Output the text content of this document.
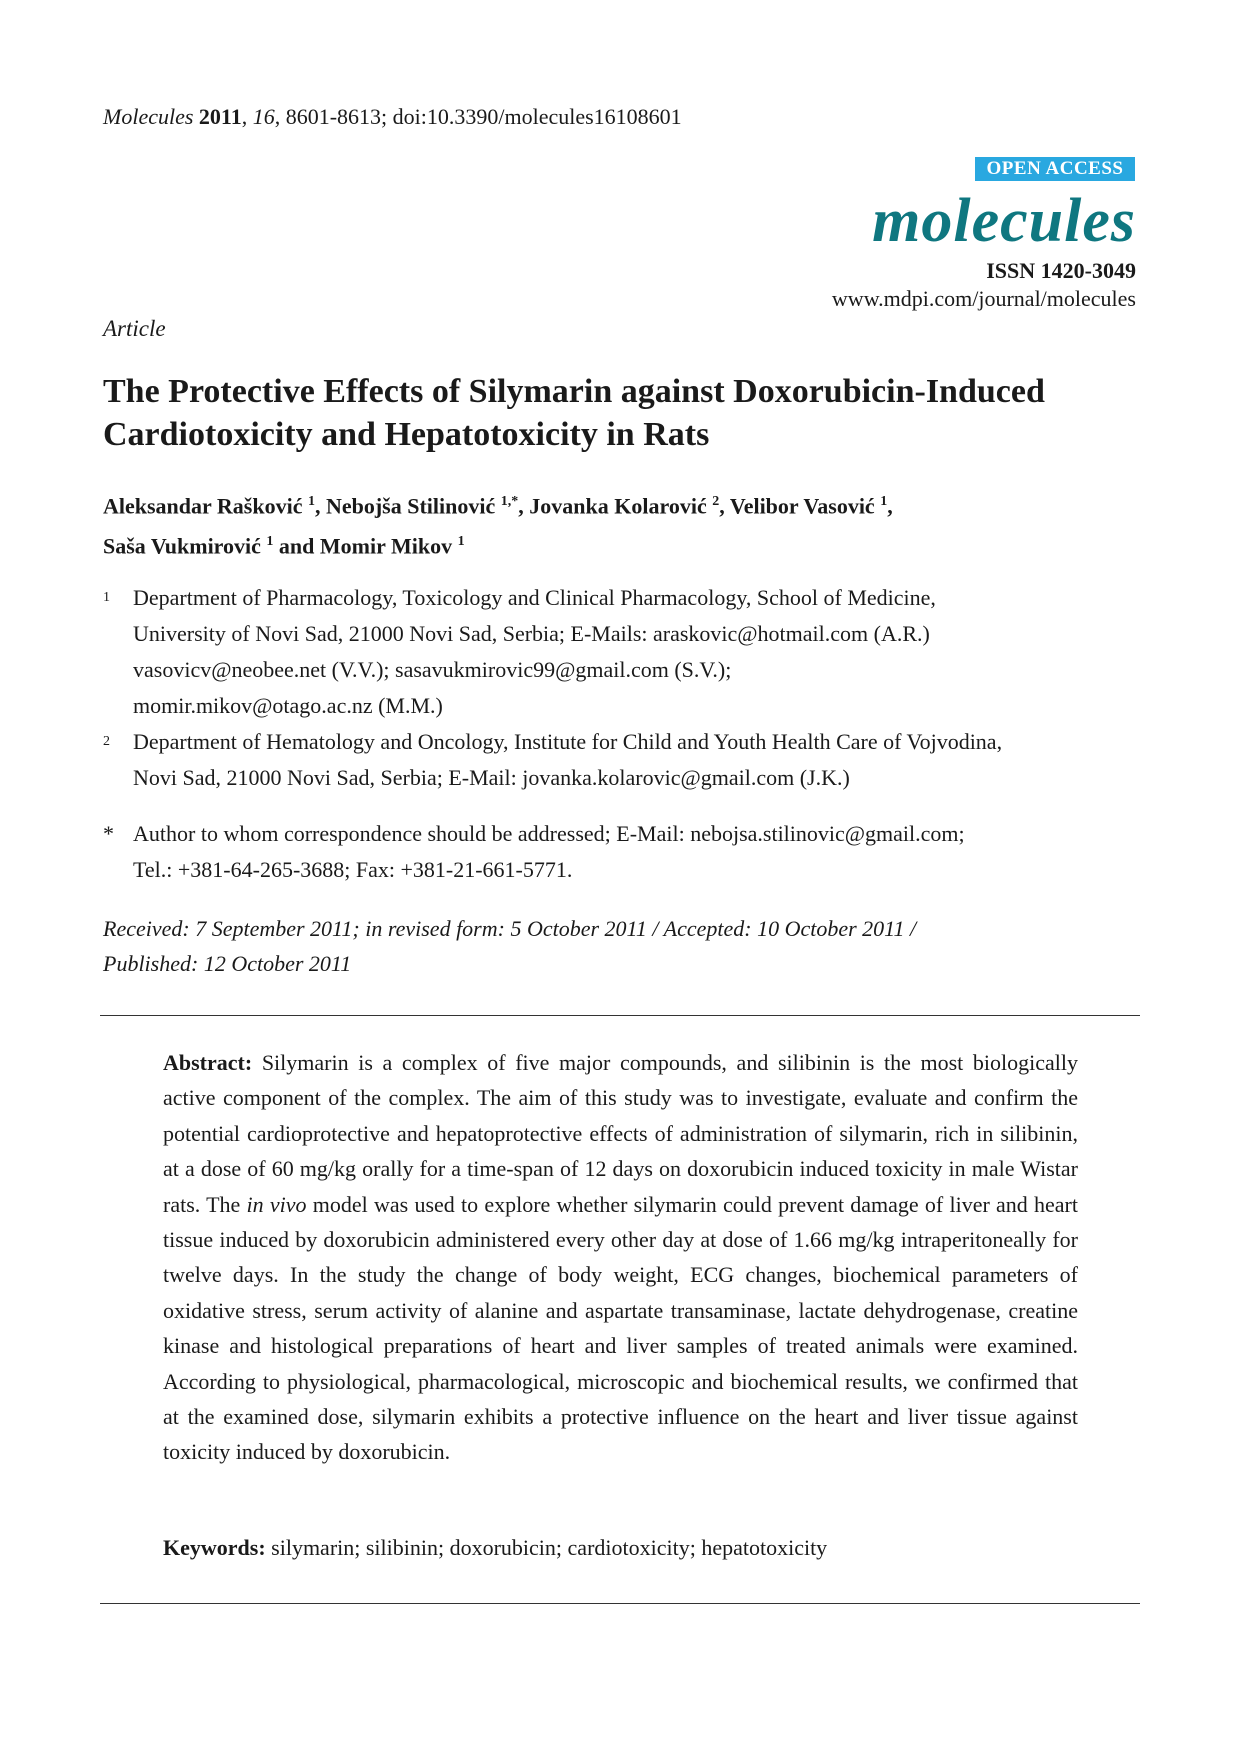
Molecules 2011, 16, 8601-8613; doi:10.3390/molecules16108601
OPEN ACCESS
molecules
ISSN 1420-3049
www.mdpi.com/journal/molecules
Article
The Protective Effects of Silymarin against Doxorubicin-Induced
Cardiotoxicity and Hepatotoxicity in Rats
Aleksandar Rašković $^1$, Nebojša Stilinović $^{1,*}$, Jovanka Kolarović $^2$, Velibor Vasović $^1$,
Saša Vukmirović $^1$ and Momir Mikov $^1$
1 Department of Pharmacology, Toxicology and Clinical Pharmacology, School of Medicine,
University of Novi Sad, 21000 Novi Sad, Serbia; E-Mails: araskovic@hotmail.com (A.R.)
vasovicv@neobee.net (V.V.); sasavukmirovic99@gmail.com (S.V.);
momir.mikov@otago.ac.nz (M.M.)
2 Department of Hematology and Oncology, Institute for Child and Youth Health Care of Vojvodina,
Novi Sad, 21000 Novi Sad, Serbia; E-Mail: jovanka.kolarovic@gmail.com (J.K.)
* Author to whom correspondence should be addressed; E-Mail: nebojsa.stilinovic@gmail.com;
Tel.: +381-64-265-3688; Fax: +381-21-661-5771.
Received: 7 September 2011; in revised form: 5 October 2011 / Accepted: 10 October 2011 /
Published: 12 October 2011
Abstract: Silymarin is a complex of five major compounds, and silibinin is the most biologically active component of the complex. The aim of this study was to investigate, evaluate and confirm the potential cardioprotective and hepatoprotective effects of administration of silymarin, rich in silibinin, at a dose of 60 mg/kg orally for a time-span of 12 days on doxorubicin induced toxicity in male Wistar rats. The in vivo model was used to explore whether silymarin could prevent damage of liver and heart tissue induced by doxorubicin administered every other day at dose of 1.66 mg/kg intraperitoneally for twelve days. In the study the change of body weight, ECG changes, biochemical parameters of oxidative stress, serum activity of alanine and aspartate transaminase, lactate dehydrogenase, creatine kinase and histological preparations of heart and liver samples of treated animals were examined. According to physiological, pharmacological, microscopic and biochemical results, we confirmed that at the examined dose, silymarin exhibits a protective influence on the heart and liver tissue against toxicity induced by doxorubicin.
Keywords: silymarin; silibinin; doxorubicin; cardiotoxicity; hepatotoxicity
